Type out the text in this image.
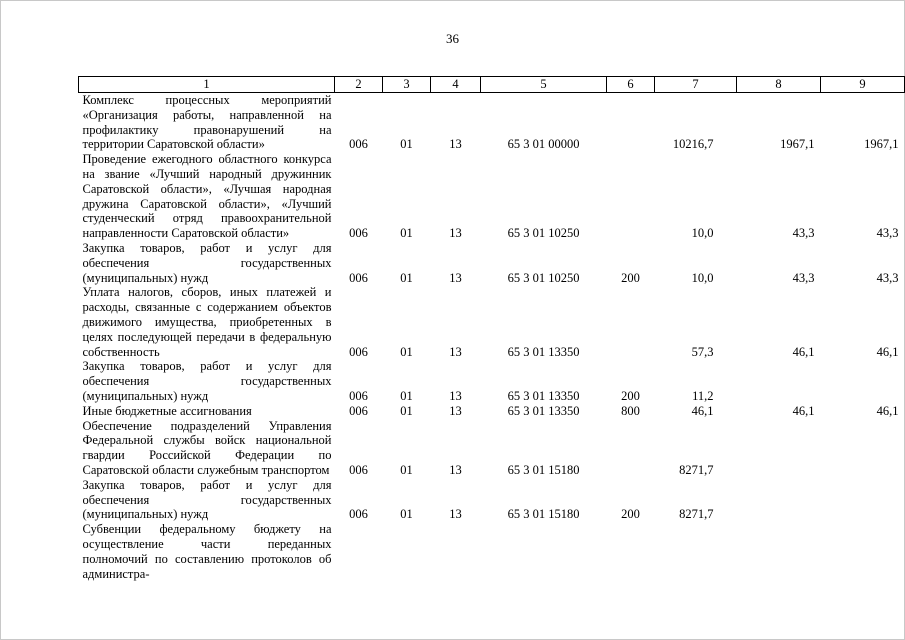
36
1	2	3	4	5	6	7	8	9
Комплекс процессных мероприятий «Организация работы, направленной на профилактику правонарушений на территории Саратовской области»	006	01	13	65 3 01 00000		10216,7	1967,1	1967,1
Проведение ежегодного областного конкурса на звание «Лучший народный дружинник Саратовской области», «Лучшая народная дружина Саратовской области», «Лучший студенческий отряд правоохранительной направленности Саратовской области»	006	01	13	65 3 01 10250		10,0	43,3	43,3
Закупка товаров, работ и услуг для обеспечения государственных (муниципальных) нужд	006	01	13	65 3 01 10250	200	10,0	43,3	43,3
Уплата налогов, сборов, иных платежей и расходы, связанные с содержанием объектов движимого имущества, приобретенных в целях последующей передачи в федеральную собственность	006	01	13	65 3 01 13350		57,3	46,1	46,1
Закупка товаров, работ и услуг для обеспечения государственных (муниципальных) нужд	006	01	13	65 3 01 13350	200	11,2		
Иные бюджетные ассигнования	006	01	13	65 3 01 13350	800	46,1	46,1	46,1
Обеспечение подразделений Управления Федеральной службы войск национальной гвардии Российской Федерации по Саратовской области служебным транспортом	006	01	13	65 3 01 15180		8271,7		
Закупка товаров, работ и услуг для обеспечения государственных (муниципальных) нужд	006	01	13	65 3 01 15180	200	8271,7		
Субвенции федеральному бюджету на осуществление части переданных полномочий по составлению протоколов об администра-								
